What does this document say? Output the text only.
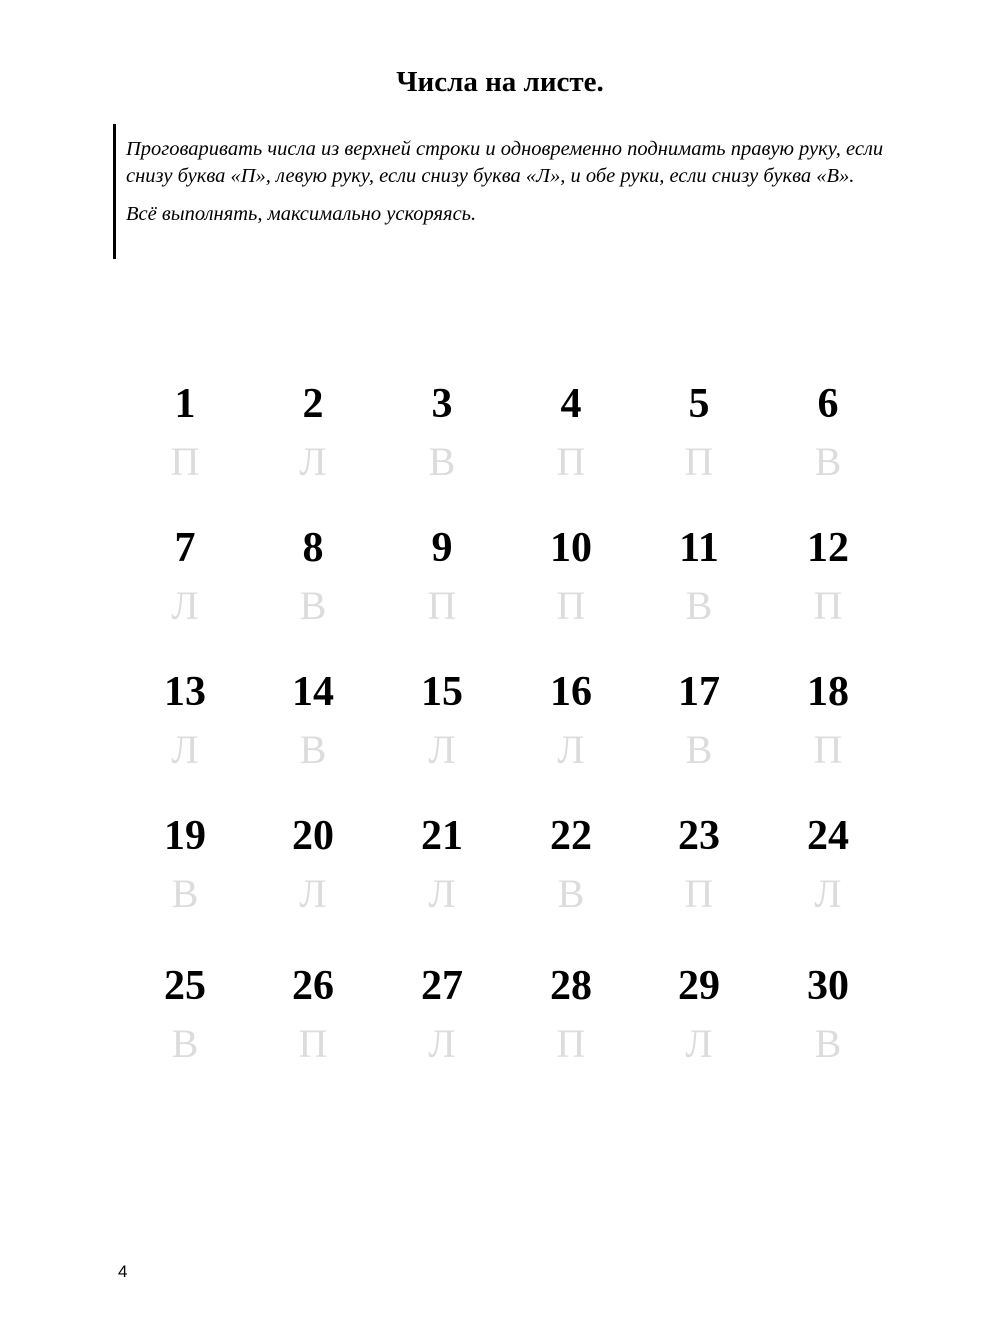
Числа на листе.

Проговаривать числа из верхней строки и одновременно поднимать правую руку, если снизу буква «П», левую руку, если снизу буква «Л», и обе руки, если снизу буква «В».

Всё выполнять, максимально ускоряясь.

1
П
2
Л
3
В
4
П
5
П
6
В
7
Л
8
В
9
П
10
П
11
В
12
П
13
Л
14
В
15
Л
16
Л
17
В
18
П
19
В
20
Л
21
Л
22
В
23
П
24
Л
25
В
26
П
27
Л
28
П
29
Л
30
В
4
